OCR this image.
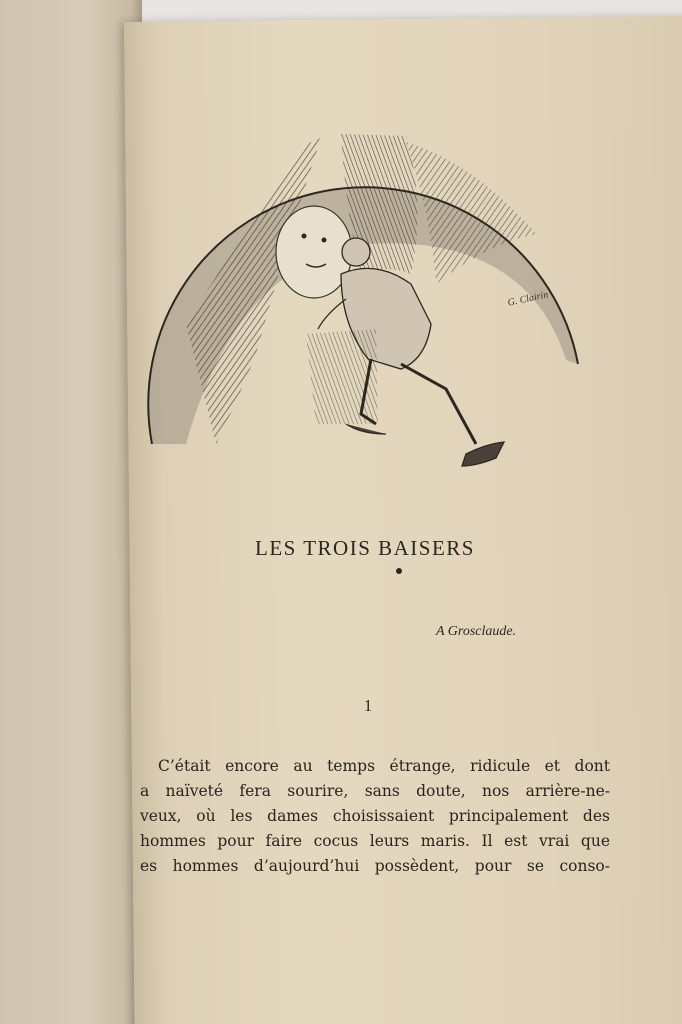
G. Clairin
LES TROIS BAISERS
A Grosclaude.
1
C’était encore au temps étrange, ridicule et dont
a naïveté fera sourire, sans doute, nos arrière-ne-
veux, où les dames choisissaient principalement des
hommes pour faire cocus leurs maris. Il est vrai que
es hommes d’aujourd’hui possèdent, pour se conso-
